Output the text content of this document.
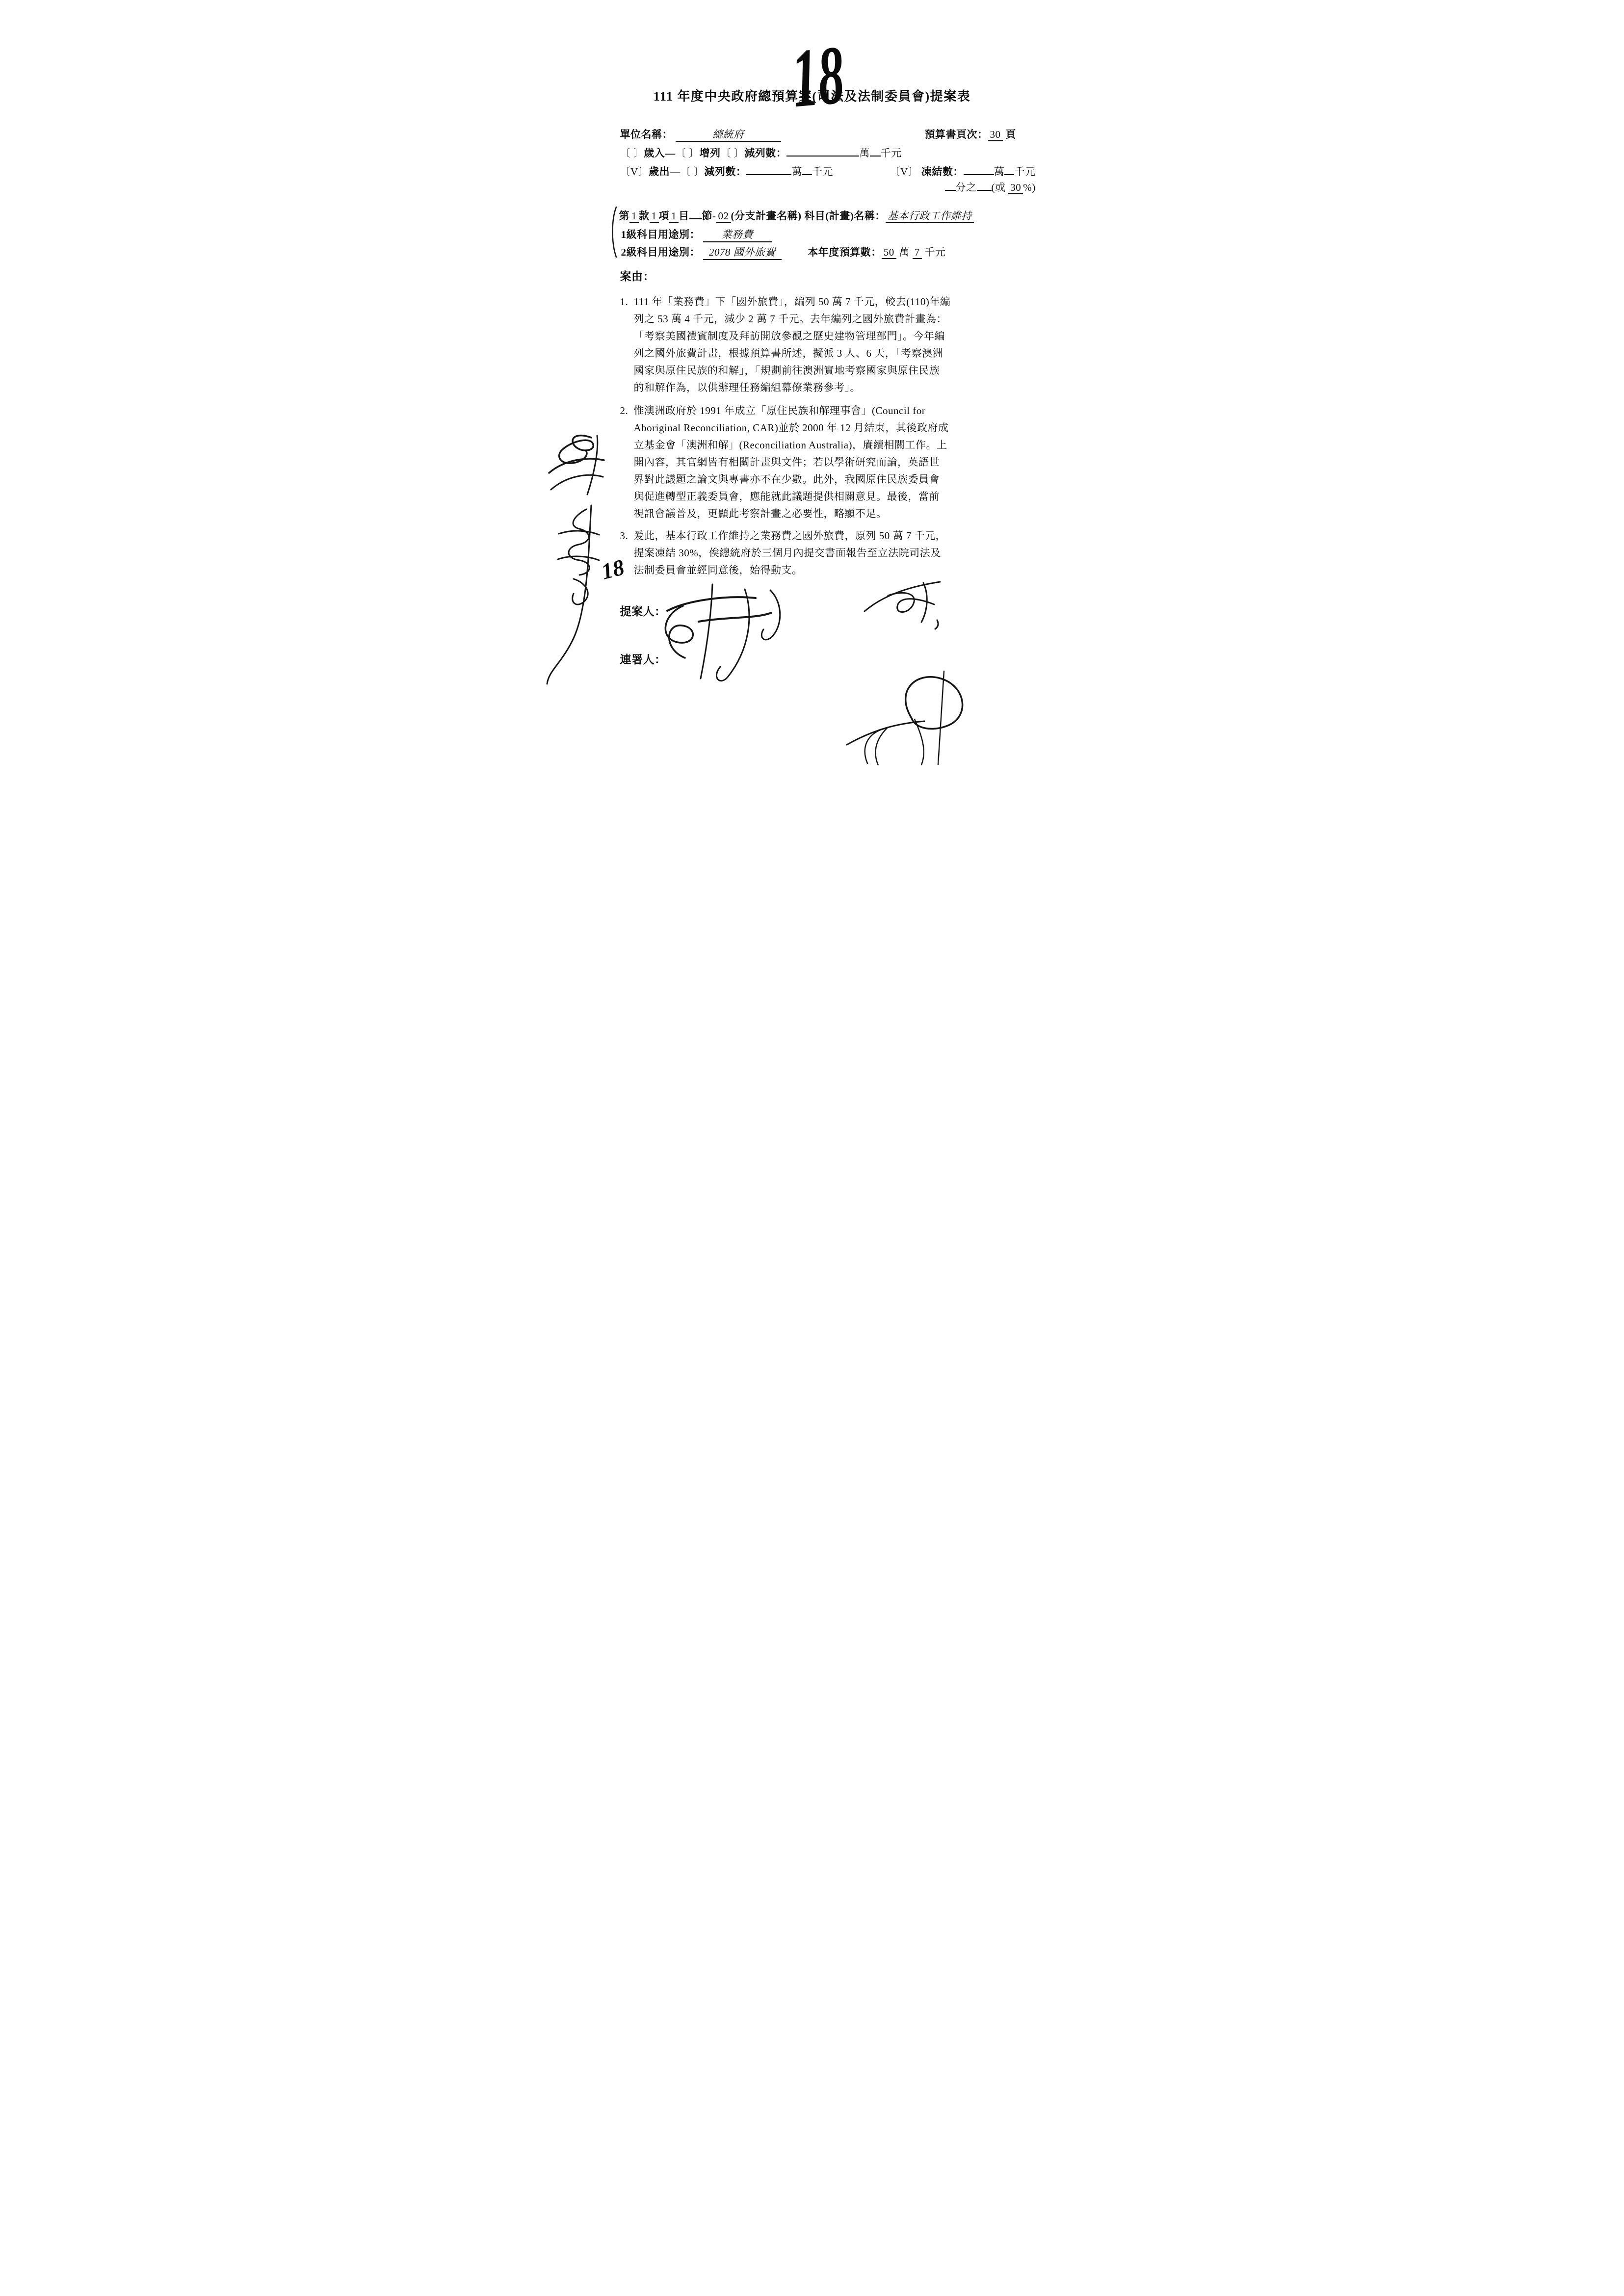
18
111 年度中央政府總預算案(司法及法制委員會)提案表
單位名稱：	總統府	預算書頁次： 30 頁
〔 〕歲入—〔 〕增列〔 〕減列數：	萬 千元
〔V〕歲出—〔 〕減列數：	萬 千元	〔V〕 凍結數：	萬 千元
分之 (或 30 %)
第 1 款 1 項 1 目 節- 02 (分支計畫名稱) 科目(計畫)名稱： 基本行政工作維持
1級科目用途別： 業務費
2級科目用途別： 2078 國外旅費	本年度預算數： 50 萬 7 千元
案由：
1. 111 年「業務費」下「國外旅費」，編列 50 萬 7 千元，較去(110)年編
列之 53 萬 4 千元，減少 2 萬 7 千元。去年編列之國外旅費計畫為：
「考察美國禮賓制度及拜訪開放參觀之歷史建物管理部門」。今年編
列之國外旅費計畫，根據預算書所述，擬派 3 人、6 天，「考察澳洲
國家與原住民族的和解」，「規劃前往澳洲實地考察國家與原住民族
的和解作為，以供辦理任務編組幕僚業務參考」。
2. 惟澳洲政府於 1991 年成立「原住民族和解理事會」(Council for
Aboriginal Reconciliation, CAR)並於 2000 年 12 月結束，其後政府成
立基金會「澳洲和解」(Reconciliation Australia)，賡續相關工作。上
開內容，其官網皆有相關計畫與文件；若以學術研究而論，英語世
界對此議題之論文與專書亦不在少數。此外，我國原住民族委員會
與促進轉型正義委員會，應能就此議題提供相關意見。最後，當前
視訊會議普及，更顯此考察計畫之必要性，略顯不足。
3. 爰此，基本行政工作維持之業務費之國外旅費，原列 50 萬 7 千元，
提案凍結 30%，俟總統府於三個月內提交書面報告至立法院司法及
法制委員會並經同意後，始得動支。
18
提案人：
連署人：
